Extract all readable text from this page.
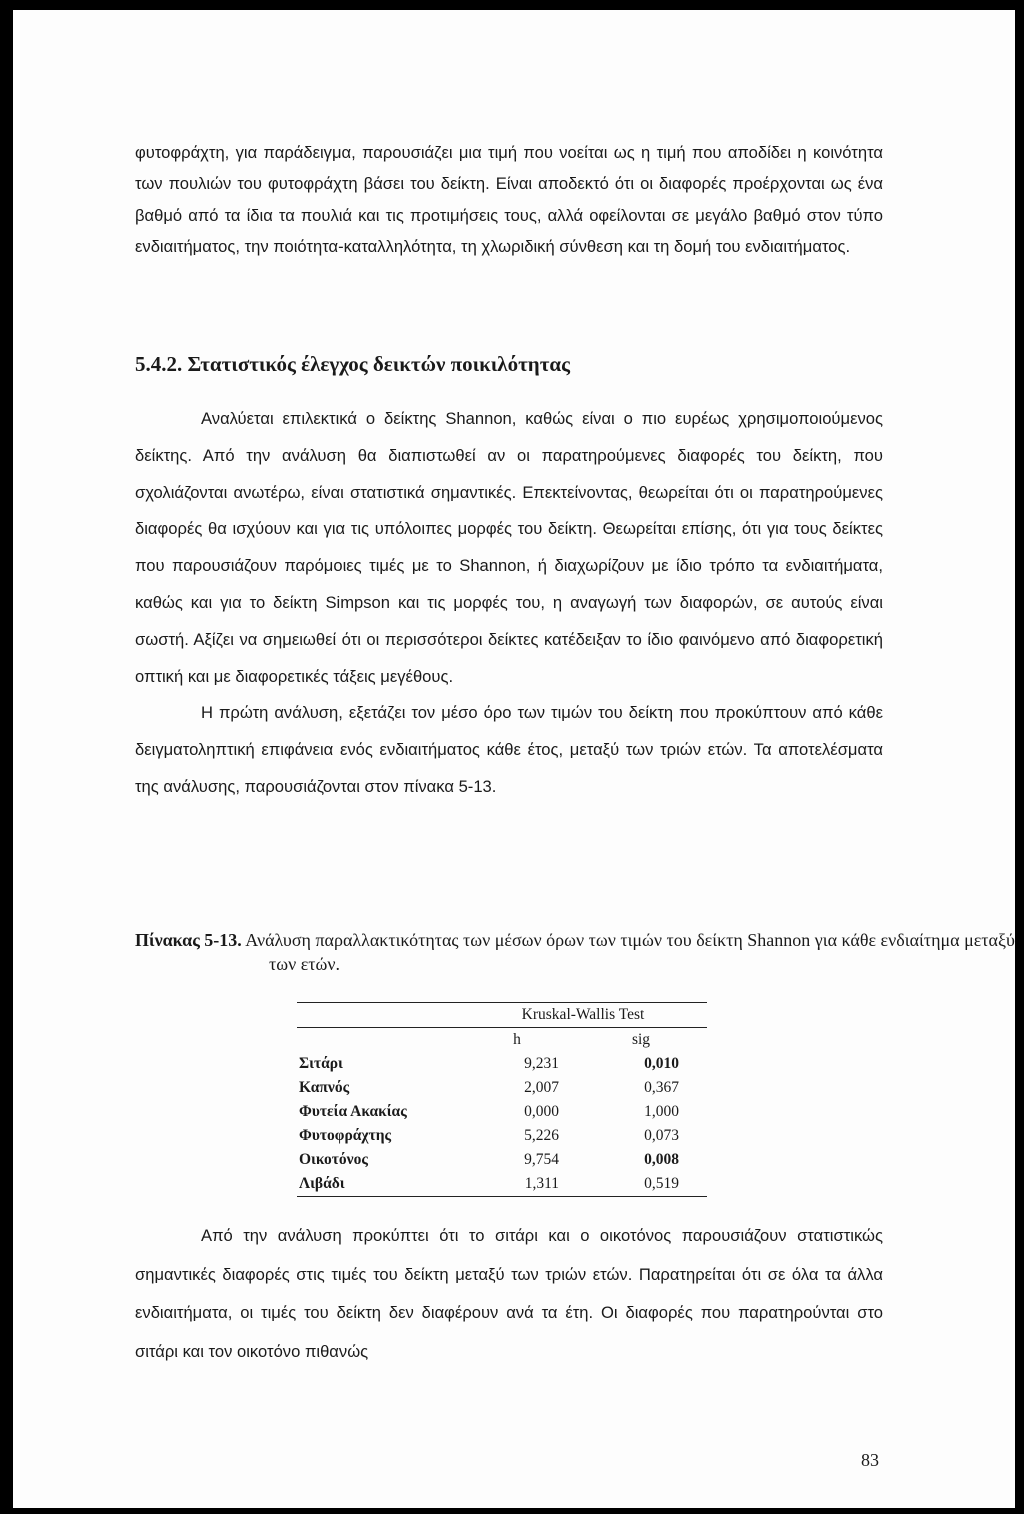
φυτοφράχτη, για παράδειγμα, παρουσιάζει μια τιμή που νοείται ως η τιμή που αποδίδει η κοινότητα των πουλιών του φυτοφράχτη βάσει του δείκτη. Είναι αποδεκτό ότι οι διαφορές προέρχονται ως ένα βαθμό από τα ίδια τα πουλιά και τις προτιμήσεις τους, αλλά οφείλονται σε μεγάλο βαθμό στον τύπο ενδιαιτήματος, την ποιότητα-καταλληλότητα, τη χλωριδική σύνθεση και τη δομή του ενδιαιτήματος.
5.4.2. Στατιστικός έλεγχος δεικτών ποικιλότητας

Αναλύεται επιλεκτικά ο δείκτης Shannon, καθώς είναι ο πιο ευρέως χρησιμοποιούμενος δείκτης. Από την ανάλυση θα διαπιστωθεί αν οι παρατηρούμενες διαφορές του δείκτη, που σχολιάζονται ανωτέρω, είναι στατιστικά σημαντικές. Επεκτείνοντας, θεωρείται ότι οι παρατηρούμενες διαφορές θα ισχύουν και για τις υπόλοιπες μορφές του δείκτη. Θεωρείται επίσης, ότι για τους δείκτες που παρουσιάζουν παρόμοιες τιμές με το Shannon, ή διαχωρίζουν με ίδιο τρόπο τα ενδιαιτήματα, καθώς και για το δείκτη Simpson και τις μορφές του, η αναγωγή των διαφορών, σε αυτούς είναι σωστή. Αξίζει να σημειωθεί ότι οι περισσότεροι δείκτες κατέδειξαν το ίδιο φαινόμενο από διαφορετική οπτική και με διαφορετικές τάξεις μεγέθους.

Η πρώτη ανάλυση, εξετάζει τον μέσο όρο των τιμών του δείκτη που προκύπτουν από κάθε δειγματοληπτική επιφάνεια ενός ενδιαιτήματος κάθε έτος, μεταξύ των τριών ετών. Τα αποτελέσματα της ανάλυσης, παρουσιάζονται στον πίνακα 5-13.

Πίνακας 5-13. Ανάλυση παραλλακτικότητας των μέσων όρων των τιμών του δείκτη Shannon για κάθε ενδιαίτημα μεταξύ των ετών.
	Kruskal-Wallis Test	
	h	sig
Σιτάρι	9,231	0,010
Καπνός	2,007	0,367
Φυτεία Ακακίας	0,000	1,000
Φυτοφράχτης	5,226	0,073
Οικοτόνος	9,754	0,008
Λιβάδι	1,311	0,519

Από την ανάλυση προκύπτει ότι το σιτάρι και ο οικοτόνος παρουσιάζουν στατιστικώς σημαντικές διαφορές στις τιμές του δείκτη μεταξύ των τριών ετών. Παρατηρείται ότι σε όλα τα άλλα ενδιαιτήματα, οι τιμές του δείκτη δεν διαφέρουν ανά τα έτη. Οι διαφορές που παρατηρούνται στο σιτάρι και τον οικοτόνο πιθανώς

83
